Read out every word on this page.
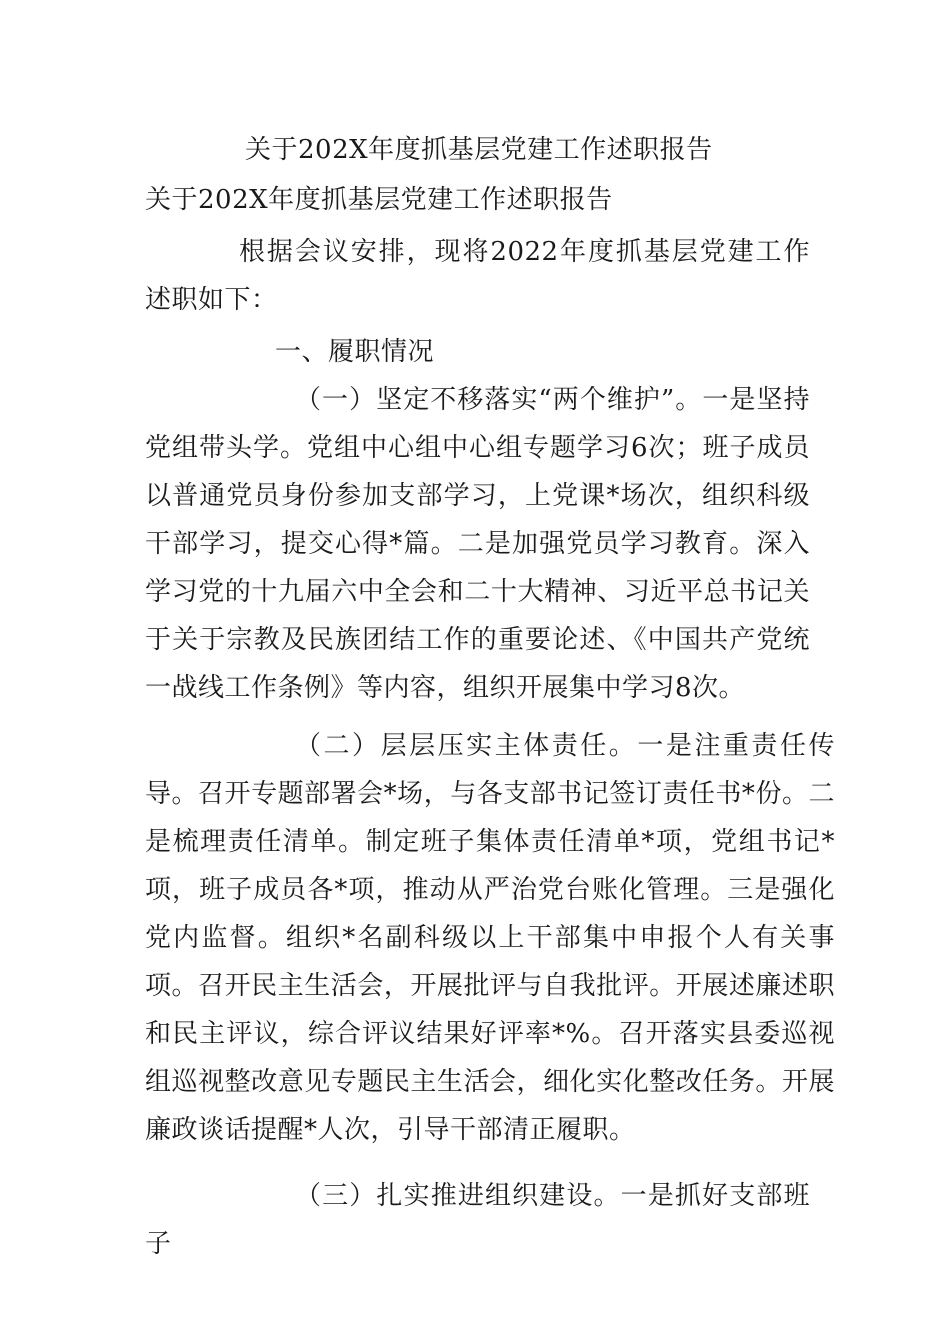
关于202X年度抓基层党建工作述职报告
关于202X年度抓基层党建工作述职报告

根据会议安排，现将2022年度抓基层党建工作述职如下：

一、履职情况

（一）坚定不移落实“两个维护”。一是坚持党组带头学。党组中心组中心组专题学习6次；班子成员以普通党员身份参加支部学习，上党课*场次，组织科级干部学习，提交心得*篇。二是加强党员学习教育。深入学习党的十九届六中全会和二十大精神、习近平总书记关于关于宗教及民族团结工作的重要论述、《中国共产党统一战线工作条例》等内容，组织开展集中学习8次。

（二）层层压实主体责任。一是注重责任传导。召开专题部署会*场，与各支部书记签订责任书*份。二是梳理责任清单。制定班子集体责任清单*项，党组书记*项，班子成员各*项，推动从严治党台账化管理。三是强化党内监督。组织*名副科级以上干部集中申报个人有关事项。召开民主生活会，开展批评与自我批评。开展述廉述职和民主评议，综合评议结果好评率*%。召开落实县委巡视组巡视整改意见专题民主生活会，细化实化整改任务。开展廉政谈话提醒*人次，引导干部清正履职。

（三）扎实推进组织建设。一是抓好支部班子
